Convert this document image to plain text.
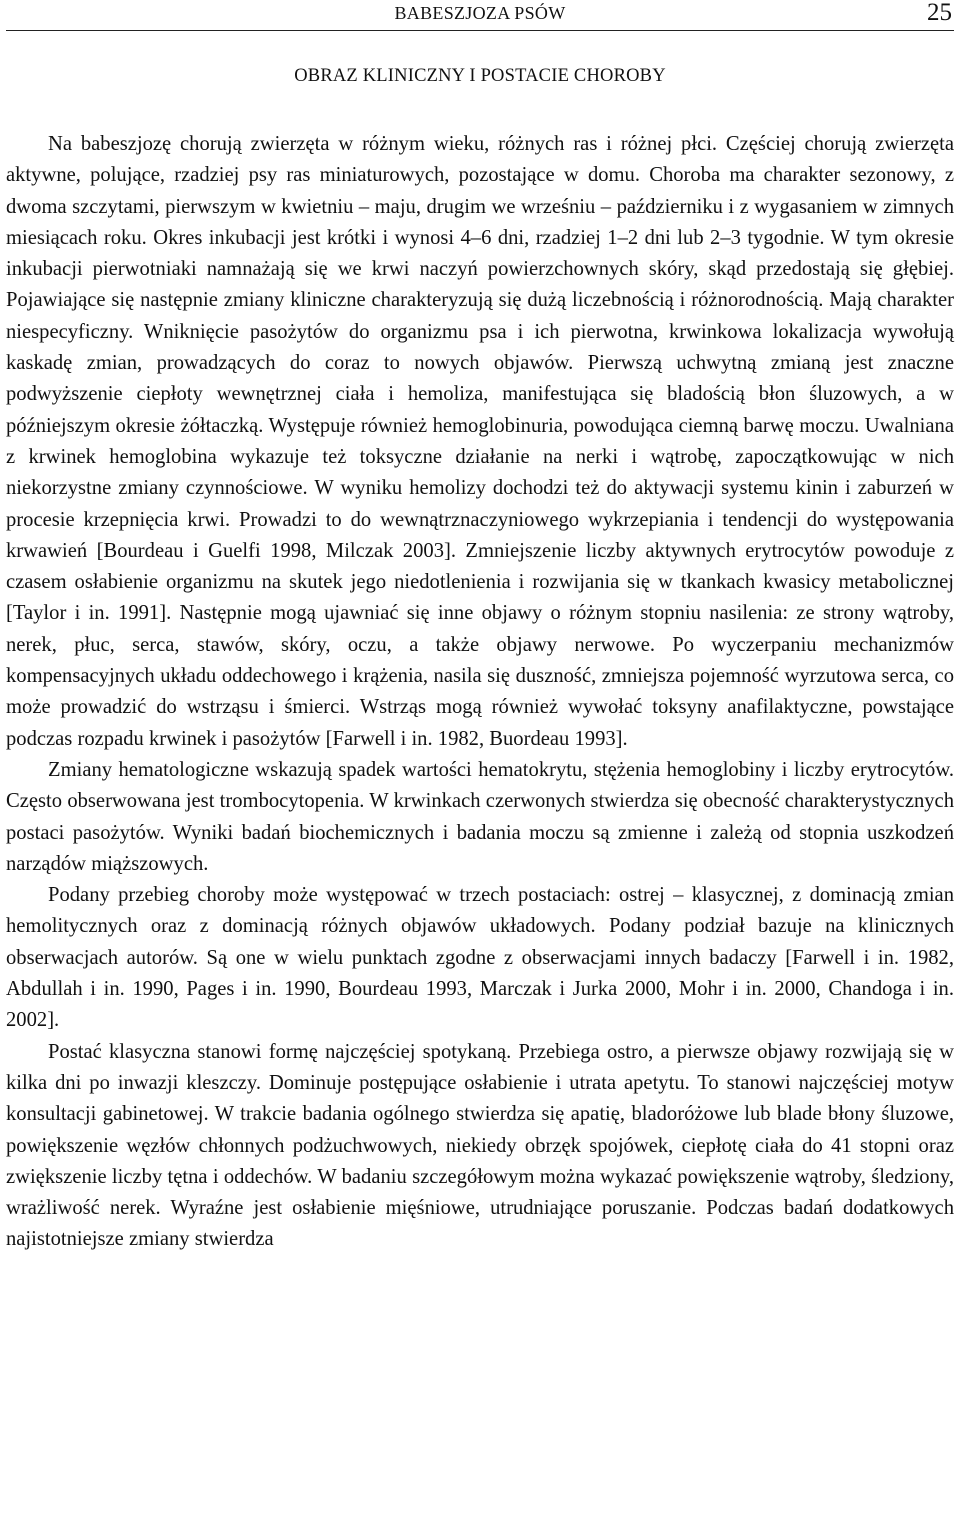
BABESZJOZA PSÓW	25
OBRAZ KLINICZNY I POSTACIE CHOROBY

Na babeszjozę chorują zwierzęta w różnym wieku, różnych ras i różnej płci. Częściej chorują zwierzęta aktywne, polujące, rzadziej psy ras miniaturowych, pozostające w domu. Choroba ma charakter sezonowy, z dwoma szczytami, pierwszym w kwietniu – maju, drugim we wrześniu – październiku i z wygasaniem w zimnych miesiącach roku. Okres inkubacji jest krótki i wynosi 4–6 dni, rzadziej 1–2 dni lub 2–3 tygodnie. W tym okresie inkubacji pierwotniaki namnażają się we krwi naczyń powierzchownych skóry, skąd przedostają się głębiej. Pojawiające się następnie zmiany kliniczne charakteryzują się dużą liczebnością i różnorodnością. Mają charakter niespecyficzny. Wniknięcie pasożytów do organizmu psa i ich pierwotna, krwinkowa lokalizacja wywołują kaskadę zmian, prowadzących do coraz to nowych objawów. Pierwszą uchwytną zmianą jest znaczne podwyższenie ciepłoty wewnętrznej ciała i hemoliza, manifestująca się bladością błon śluzowych, a w późniejszym okresie żółtaczką. Występuje również hemoglobinuria, powodująca ciemną barwę moczu. Uwalniana z krwinek hemoglobina wykazuje też toksyczne działanie na nerki i wątrobę, zapoczątkowując w nich niekorzystne zmiany czynnościowe. W wyniku hemolizy dochodzi też do aktywacji systemu kinin i zaburzeń w procesie krzepnięcia krwi. Prowadzi to do wewnątrznaczyniowego wykrzepiania i tendencji do występowania krwawień [Bourdeau i Guelfi 1998, Milczak 2003]. Zmniejszenie liczby aktywnych erytrocytów powoduje z czasem osłabienie organizmu na skutek jego niedotlenienia i rozwijania się w tkankach kwasicy metabolicznej [Taylor i in. 1991]. Następnie mogą ujawniać się inne objawy o różnym stopniu nasilenia: ze strony wątroby, nerek, płuc, serca, stawów, skóry, oczu, a także objawy nerwowe. Po wyczerpaniu mechanizmów kompensacyjnych układu oddechowego i krążenia, nasila się duszność, zmniejsza pojemność wyrzutowa serca, co może prowadzić do wstrząsu i śmierci. Wstrząs mogą również wywołać toksyny anafilaktyczne, powstające podczas rozpadu krwinek i pasożytów [Farwell i in. 1982, Buordeau 1993].

Zmiany hematologiczne wskazują spadek wartości hematokrytu, stężenia hemoglobiny i liczby erytrocytów. Często obserwowana jest trombocytopenia. W krwinkach czerwonych stwierdza się obecność charakterystycznych postaci pasożytów. Wyniki badań biochemicznych i badania moczu są zmienne i zależą od stopnia uszkodzeń narządów miąższowych.

Podany przebieg choroby może występować w trzech postaciach: ostrej – klasycznej, z dominacją zmian hemolitycznych oraz z dominacją różnych objawów układowych. Podany podział bazuje na klinicznych obserwacjach autorów. Są one w wielu punktach zgodne z obserwacjami innych badaczy [Farwell i in. 1982, Abdullah i in. 1990, Pages i in. 1990, Bourdeau 1993, Marczak i Jurka 2000, Mohr i in. 2000, Chandoga i in. 2002].

Postać klasyczna stanowi formę najczęściej spotykaną. Przebiega ostro, a pierwsze objawy rozwijają się w kilka dni po inwazji kleszczy. Dominuje postępujące osłabienie i utrata apetytu. To stanowi najczęściej motyw konsultacji gabinetowej. W trakcie badania ogólnego stwierdza się apatię, bladoróżowe lub blade błony śluzowe, powiększenie węzłów chłonnych podżuchwowych, niekiedy obrzęk spojówek, ciepłotę ciała do 41 stopni oraz zwiększenie liczby tętna i oddechów. W badaniu szczegółowym można wykazać powiększenie wątroby, śledziony, wrażliwość nerek. Wyraźne jest osłabienie mięśniowe, utrudniające poruszanie. Podczas badań dodatkowych najistotniejsze zmiany stwierdza
